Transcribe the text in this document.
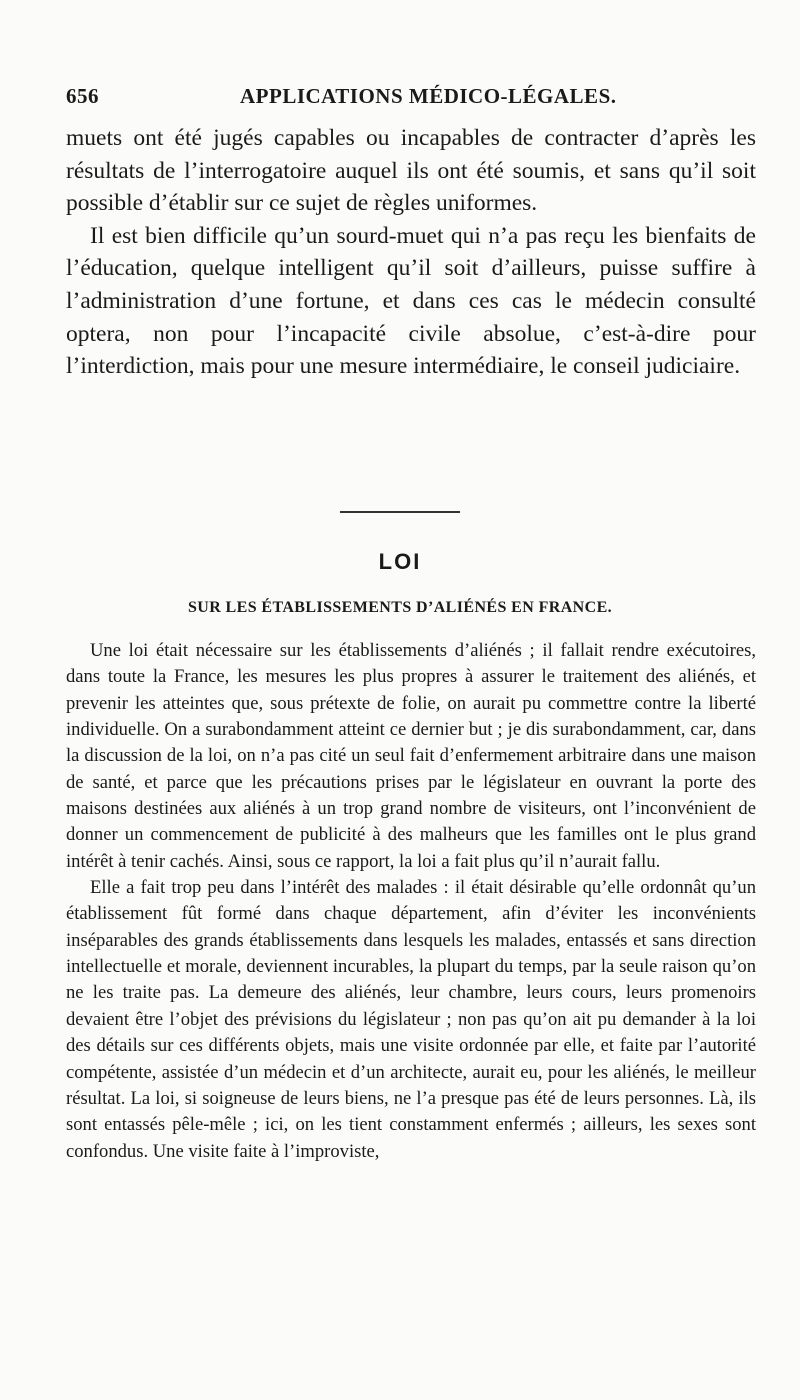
656	APPLICATIONS MÉDICO-LÉGALES.

muets ont été jugés capables ou incapables de contracter d’après les résultats de l’interrogatoire auquel ils ont été soumis, et sans qu’il soit possible d’établir sur ce sujet de règles uniformes.

Il est bien difficile qu’un sourd-muet qui n’a pas reçu les bienfaits de l’éducation, quelque intelligent qu’il soit d’ailleurs, puisse suffire à l’administration d’une fortune, et dans ces cas le médecin consulté optera, non pour l’incapacité civile absolue, c’est-à-dire pour l’interdiction, mais pour une mesure intermédiaire, le conseil judiciaire.

LOI
SUR LES ÉTABLISSEMENTS D’ALIÉNÉS EN FRANCE.

Une loi était nécessaire sur les établissements d’aliénés ; il fallait rendre exécutoires, dans toute la France, les mesures les plus propres à assurer le traitement des aliénés, et prevenir les atteintes que, sous prétexte de folie, on aurait pu commettre contre la liberté individuelle. On a surabondamment atteint ce dernier but ; je dis surabondamment, car, dans la discussion de la loi, on n’a pas cité un seul fait d’enfermement arbitraire dans une maison de santé, et parce que les précautions prises par le législateur en ouvrant la porte des maisons destinées aux aliénés à un trop grand nombre de visiteurs, ont l’inconvénient de donner un commencement de publicité à des malheurs que les familles ont le plus grand intérêt à tenir cachés. Ainsi, sous ce rapport, la loi a fait plus qu’il n’aurait fallu.

Elle a fait trop peu dans l’intérêt des malades : il était désirable qu’elle ordonnât qu’un établissement fût formé dans chaque département, afin d’éviter les inconvénients inséparables des grands établissements dans lesquels les malades, entassés et sans direction intellectuelle et morale, deviennent incurables, la plupart du temps, par la seule raison qu’on ne les traite pas. La demeure des aliénés, leur chambre, leurs cours, leurs promenoirs devaient être l’objet des prévisions du législateur ; non pas qu’on ait pu demander à la loi des détails sur ces différents objets, mais une visite ordonnée par elle, et faite par l’autorité compétente, assistée d’un médecin et d’un architecte, aurait eu, pour les aliénés, le meilleur résultat. La loi, si soigneuse de leurs biens, ne l’a presque pas été de leurs personnes. Là, ils sont entassés pêle-mêle ; ici, on les tient constamment enfermés ; ailleurs, les sexes sont confondus. Une visite faite à l’improviste,
